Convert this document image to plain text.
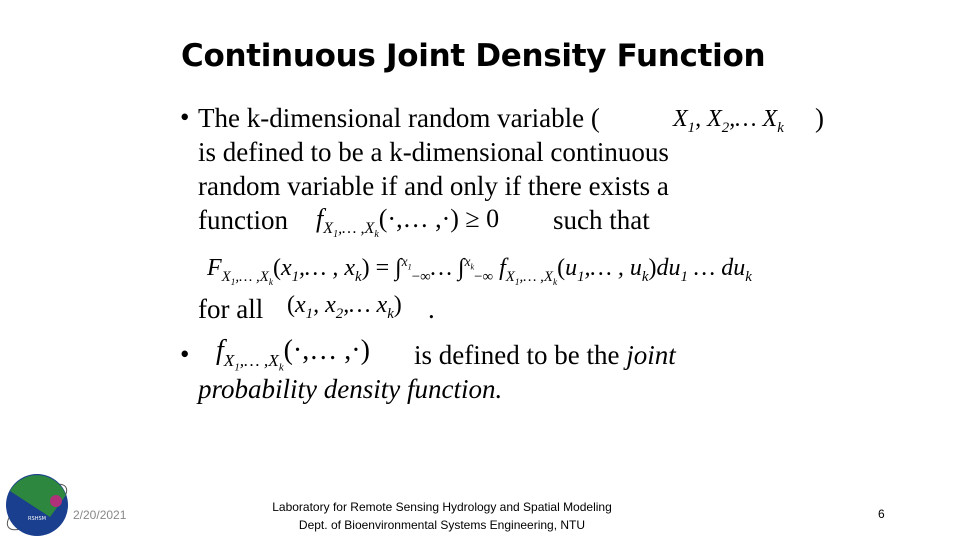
Continuous Joint Density Function
• The k-dimensional random variable (	$X_1$, $X_2,\dots$ $X_k$ )
is defined to be a k-dimensional continuous
random variable if and only if there exists a
function $f_{X_1,\dots ,X_k}(\cdot,\dots$ ,·) ≥ 0 such that
$F_{X_1,\dots ,X_k}(x_1,\dots$ , $x_k$) = ∫$^{x_1}_{-\infty}$… ∫$^{x_k}_{-\infty}$ $f_{X_1,\dots ,X_k}(u_1,\dots$ , $u_k)du_1$ … $du_k$
for all ($x_1$, $x_2,\dots$ $x_k$) .
• $f_{X_1,\dots ,X_k}(\cdot,\dots$ ,·) is defined to be the joint
probability density function.
RSHSM 2/20/2021
Laboratory for Remote Sensing Hydrology and Spatial Modeling
Dept. of Bioenvironmental Systems Engineering, NTU
6
